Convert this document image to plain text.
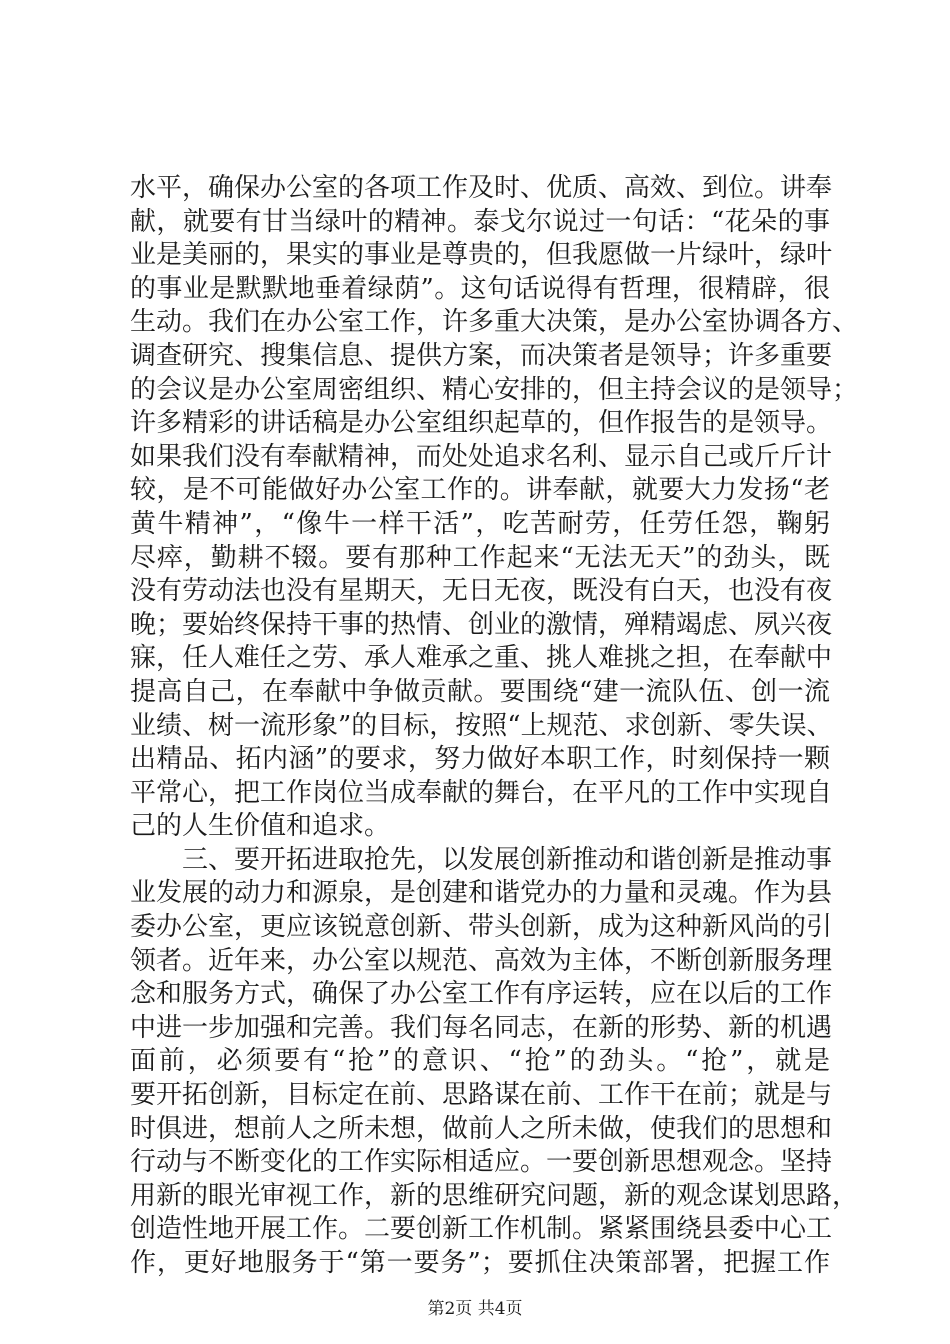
水平，确保办公室的各项工作及时、优质、高效、到位。讲奉
献，就要有甘当绿叶的精神。泰戈尔说过一句话：“花朵的事
业是美丽的，果实的事业是尊贵的，但我愿做一片绿叶，绿叶
的事业是默默地垂着绿荫”。这句话说得有哲理，很精辟，很
生动。我们在办公室工作，许多重大决策，是办公室协调各方、
调查研究、搜集信息、提供方案，而决策者是领导；许多重要
的会议是办公室周密组织、精心安排的，但主持会议的是领导；
许多精彩的讲话稿是办公室组织起草的，但作报告的是领导。
如果我们没有奉献精神，而处处追求名利、显示自己或斤斤计
较，是不可能做好办公室工作的。讲奉献，就要大力发扬“老
黄牛精神”，“像牛一样干活”，吃苦耐劳，任劳任怨，鞠躬
尽瘁，勤耕不辍。要有那种工作起来“无法无天”的劲头，既
没有劳动法也没有星期天，无日无夜，既没有白天，也没有夜
晚；要始终保持干事的热情、创业的激情，殚精竭虑、夙兴夜
寐，任人难任之劳、承人难承之重、挑人难挑之担，在奉献中
提高自己，在奉献中争做贡献。要围绕“建一流队伍、创一流
业绩、树一流形象”的目标，按照“上规范、求创新、零失误、
出精品、拓内涵”的要求，努力做好本职工作，时刻保持一颗
平常心，把工作岗位当成奉献的舞台，在平凡的工作中实现自
己的人生价值和追求。
三、要开拓进取抢先，以发展创新推动和谐创新是推动事
业发展的动力和源泉，是创建和谐党办的力量和灵魂。作为县
委办公室，更应该锐意创新、带头创新，成为这种新风尚的引
领者。近年来，办公室以规范、高效为主体，不断创新服务理
念和服务方式，确保了办公室工作有序运转，应在以后的工作
中进一步加强和完善。我们每名同志，在新的形势、新的机遇
面前，必须要有“抢”的意识、“抢”的劲头。“抢”，就是
要开拓创新，目标定在前、思路谋在前、工作干在前；就是与
时俱进，想前人之所未想，做前人之所未做，使我们的思想和
行动与不断变化的工作实际相适应。一要创新思想观念。坚持
用新的眼光审视工作，新的思维研究问题，新的观念谋划思路，
创造性地开展工作。二要创新工作机制。紧紧围绕县委中心工
作，更好地服务于“第一要务”；要抓住决策部署，把握工作
第2页 共4页
